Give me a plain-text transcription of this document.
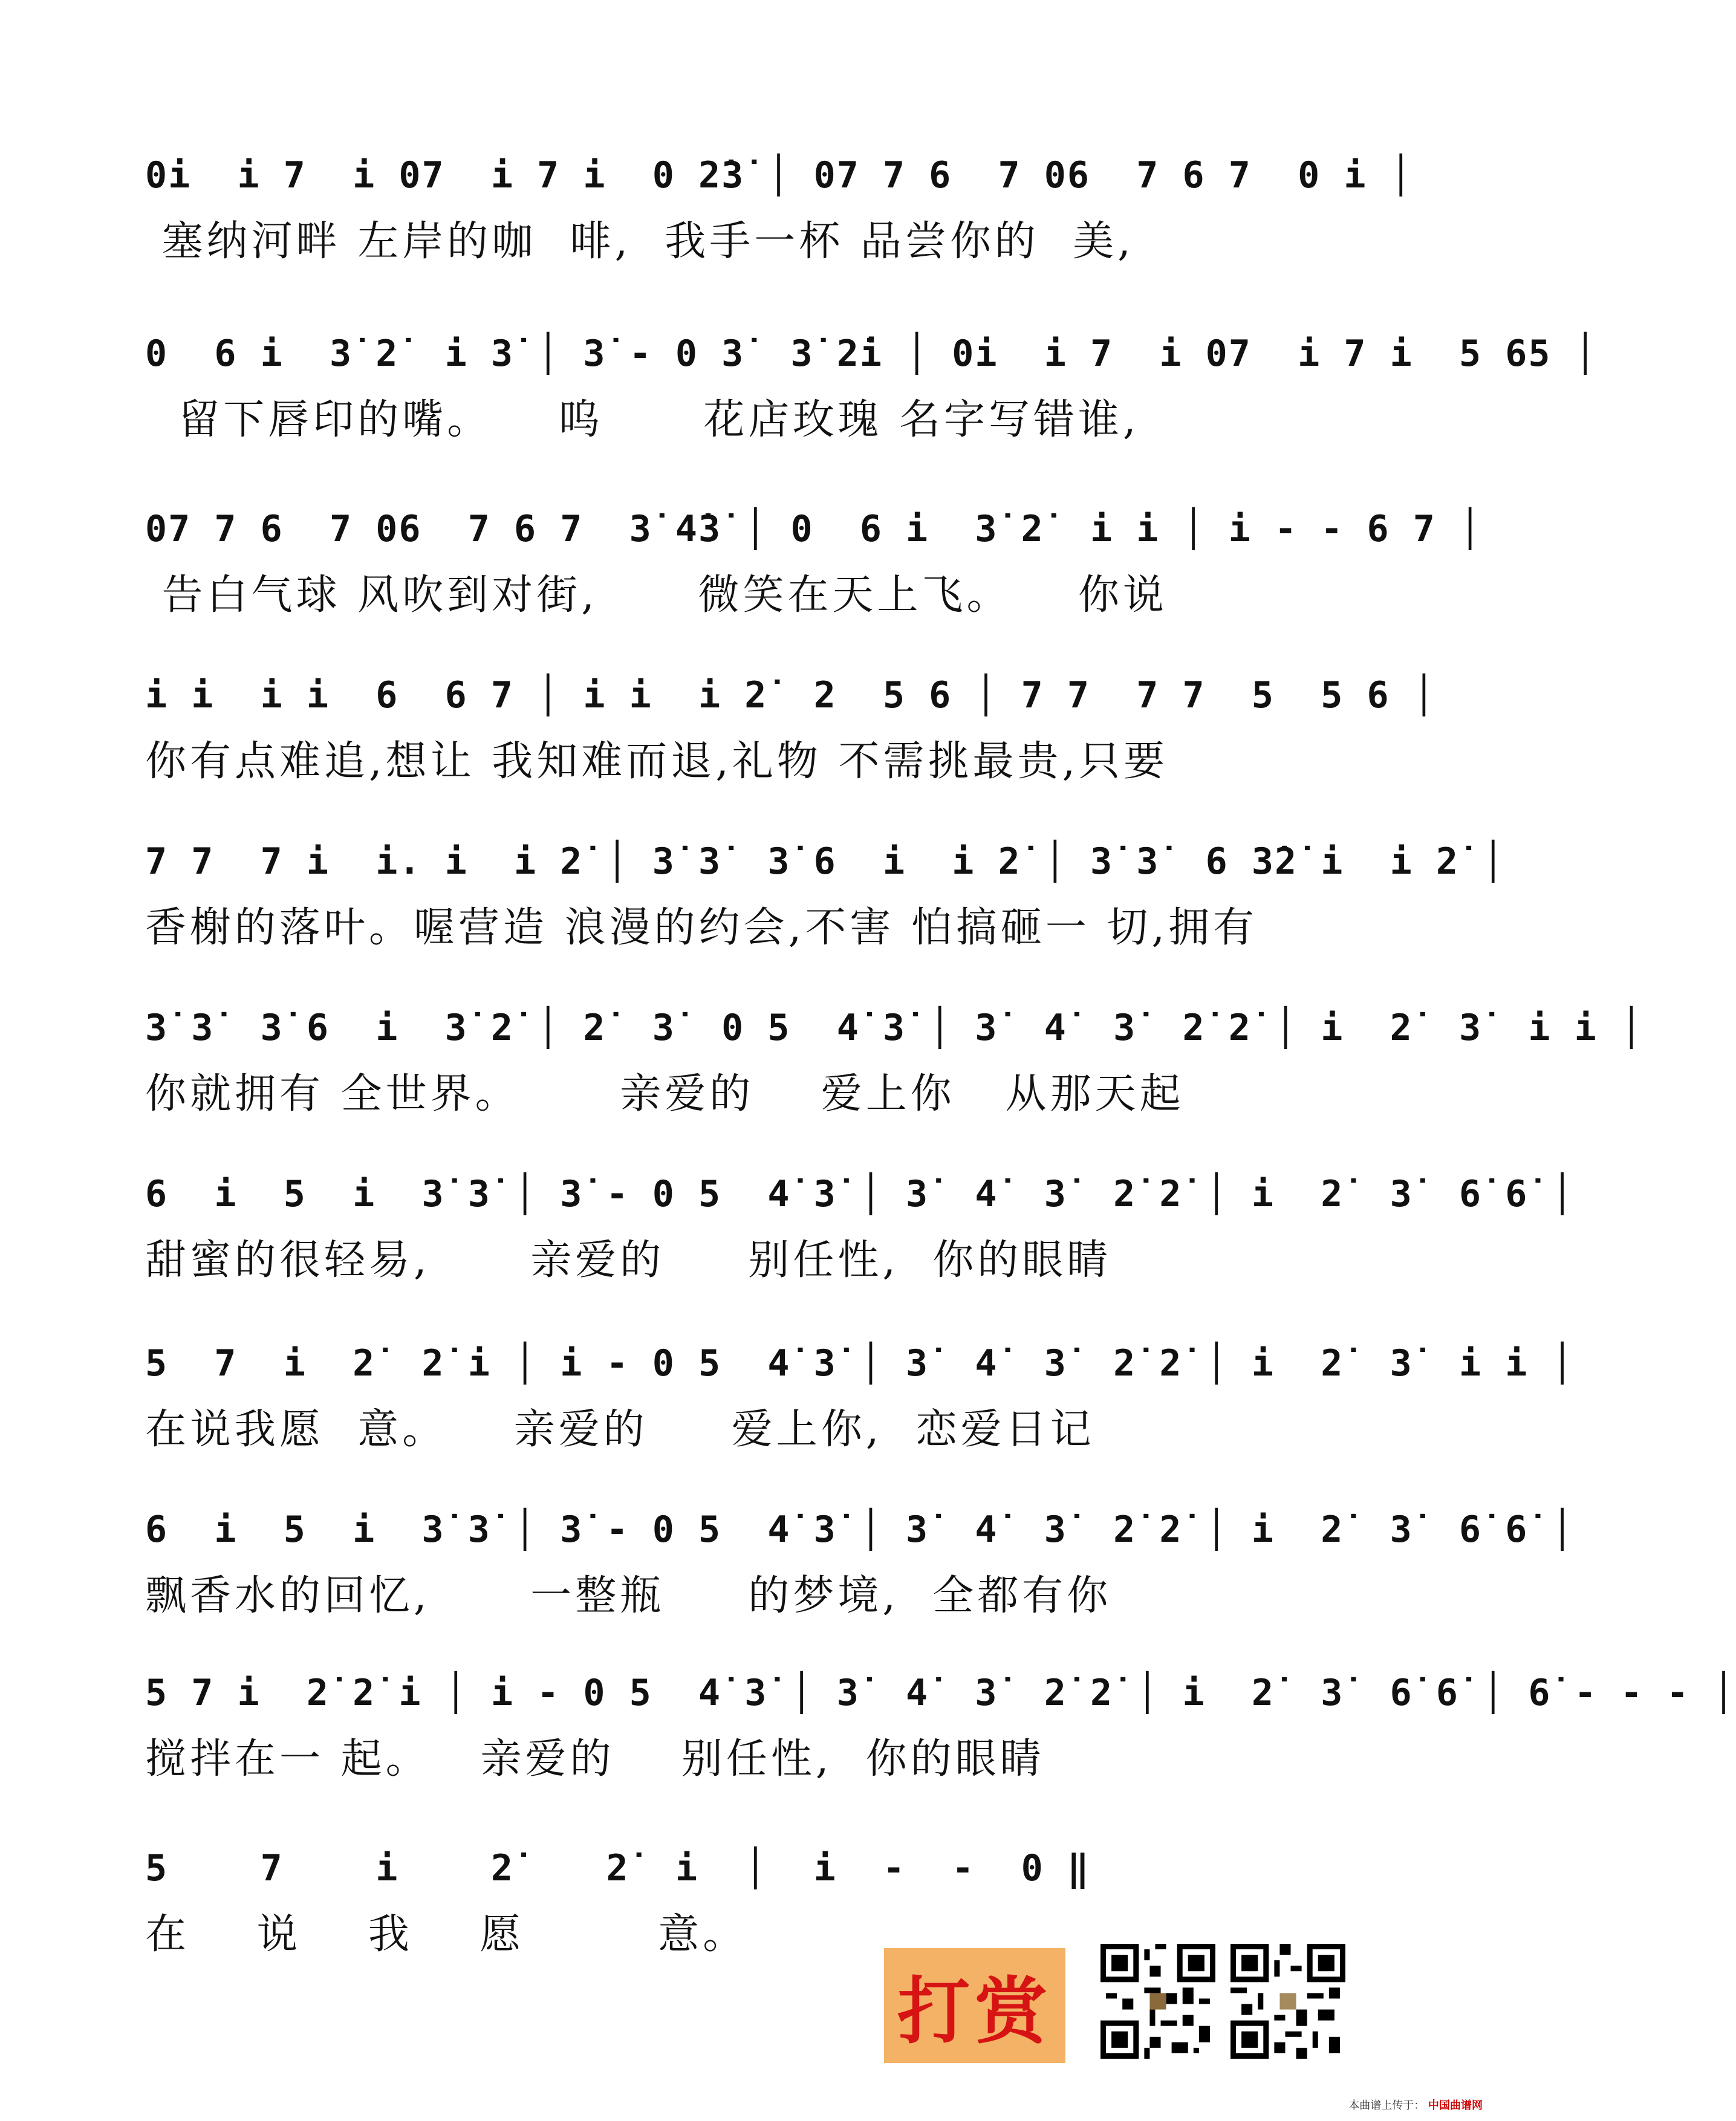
0i  i 7  i 07  i 7 i  0 2̇3̇ │ 07 7 6  7 06  7 6 7  0 i │
塞纳河畔 左岸的咖  啡,  我手一杯 品尝你的  美,
0  6 i  3̇ 2̇  i 3̇ │ 3̇ - 0 3̇  3̇ 2̇i │ 0i  i 7  i 07  i 7 i  5 65 │
留下唇印的嘴。    呜      花店玫瑰 名字写错谁,
07 7 6  7 06  7 6 7  3̇ 4̇3̇ │ 0  6 i  3̇ 2̇  i i │ i - - 6 7 │
告白气球 风吹到对街,      微笑在天上飞。    你说
i i  i i  6  6 7 │ i i  i 2̇  2  5 6 │ 7 7  7 7  5  5 6 │
你有点难追,想让 我知难而退,礼物 不需挑最贵,只要
7 7  7 i  i. i  i 2̇ │ 3̇ 3̇  3̇ 6  i  i 2̇ │ 3̇ 3̇  6 3̇2̇ i  i 2̇ │
香榭的落叶。喔营造 浪漫的约会,不害 怕搞砸一 切,拥有
3̇ 3̇  3̇ 6  i  3̇ 2̇ │ 2̇  3̇  0 5  4̇ 3̇ │ 3̇  4̇  3̇  2̇ 2̇ │ i  2̇  3̇  i i │
你就拥有 全世界。      亲爱的    爱上你   从那天起
6  i  5  i  3̇ 3̇ │ 3̇ - 0 5  4̇ 3̇ │ 3̇  4̇  3̇  2̇ 2̇ │ i  2̇  3̇  6̇ 6̇ │
甜蜜的很轻易,      亲爱的     别任性,  你的眼睛
5  7  i  2̇  2̇ i │ i - 0 5  4̇ 3̇ │ 3̇  4̇  3̇  2̇ 2̇ │ i  2̇  3̇  i i │
在说我愿  意。    亲爱的     爱上你,  恋爱日记
6  i  5  i  3̇ 3̇ │ 3̇ - 0 5  4̇ 3̇ │ 3̇  4̇  3̇  2̇ 2̇ │ i  2̇  3̇  6̇ 6̇ │
飘香水的回忆,      一整瓶     的梦境,  全都有你
5 7 i  2̇ 2̇ i │ i - 0 5  4̇ 3̇ │ 3̇  4̇  3̇  2̇ 2̇ │ i  2̇  3̇  6̇ 6̇ │ 6̇ - - - │
搅拌在一 起。   亲爱的    别任性,  你的眼睛
5    7    i    2̇    2̇  i  │  i  -  -  0 ‖
在    说    我    愿        意。
打赏
本曲谱上传于： 中国曲谱网
